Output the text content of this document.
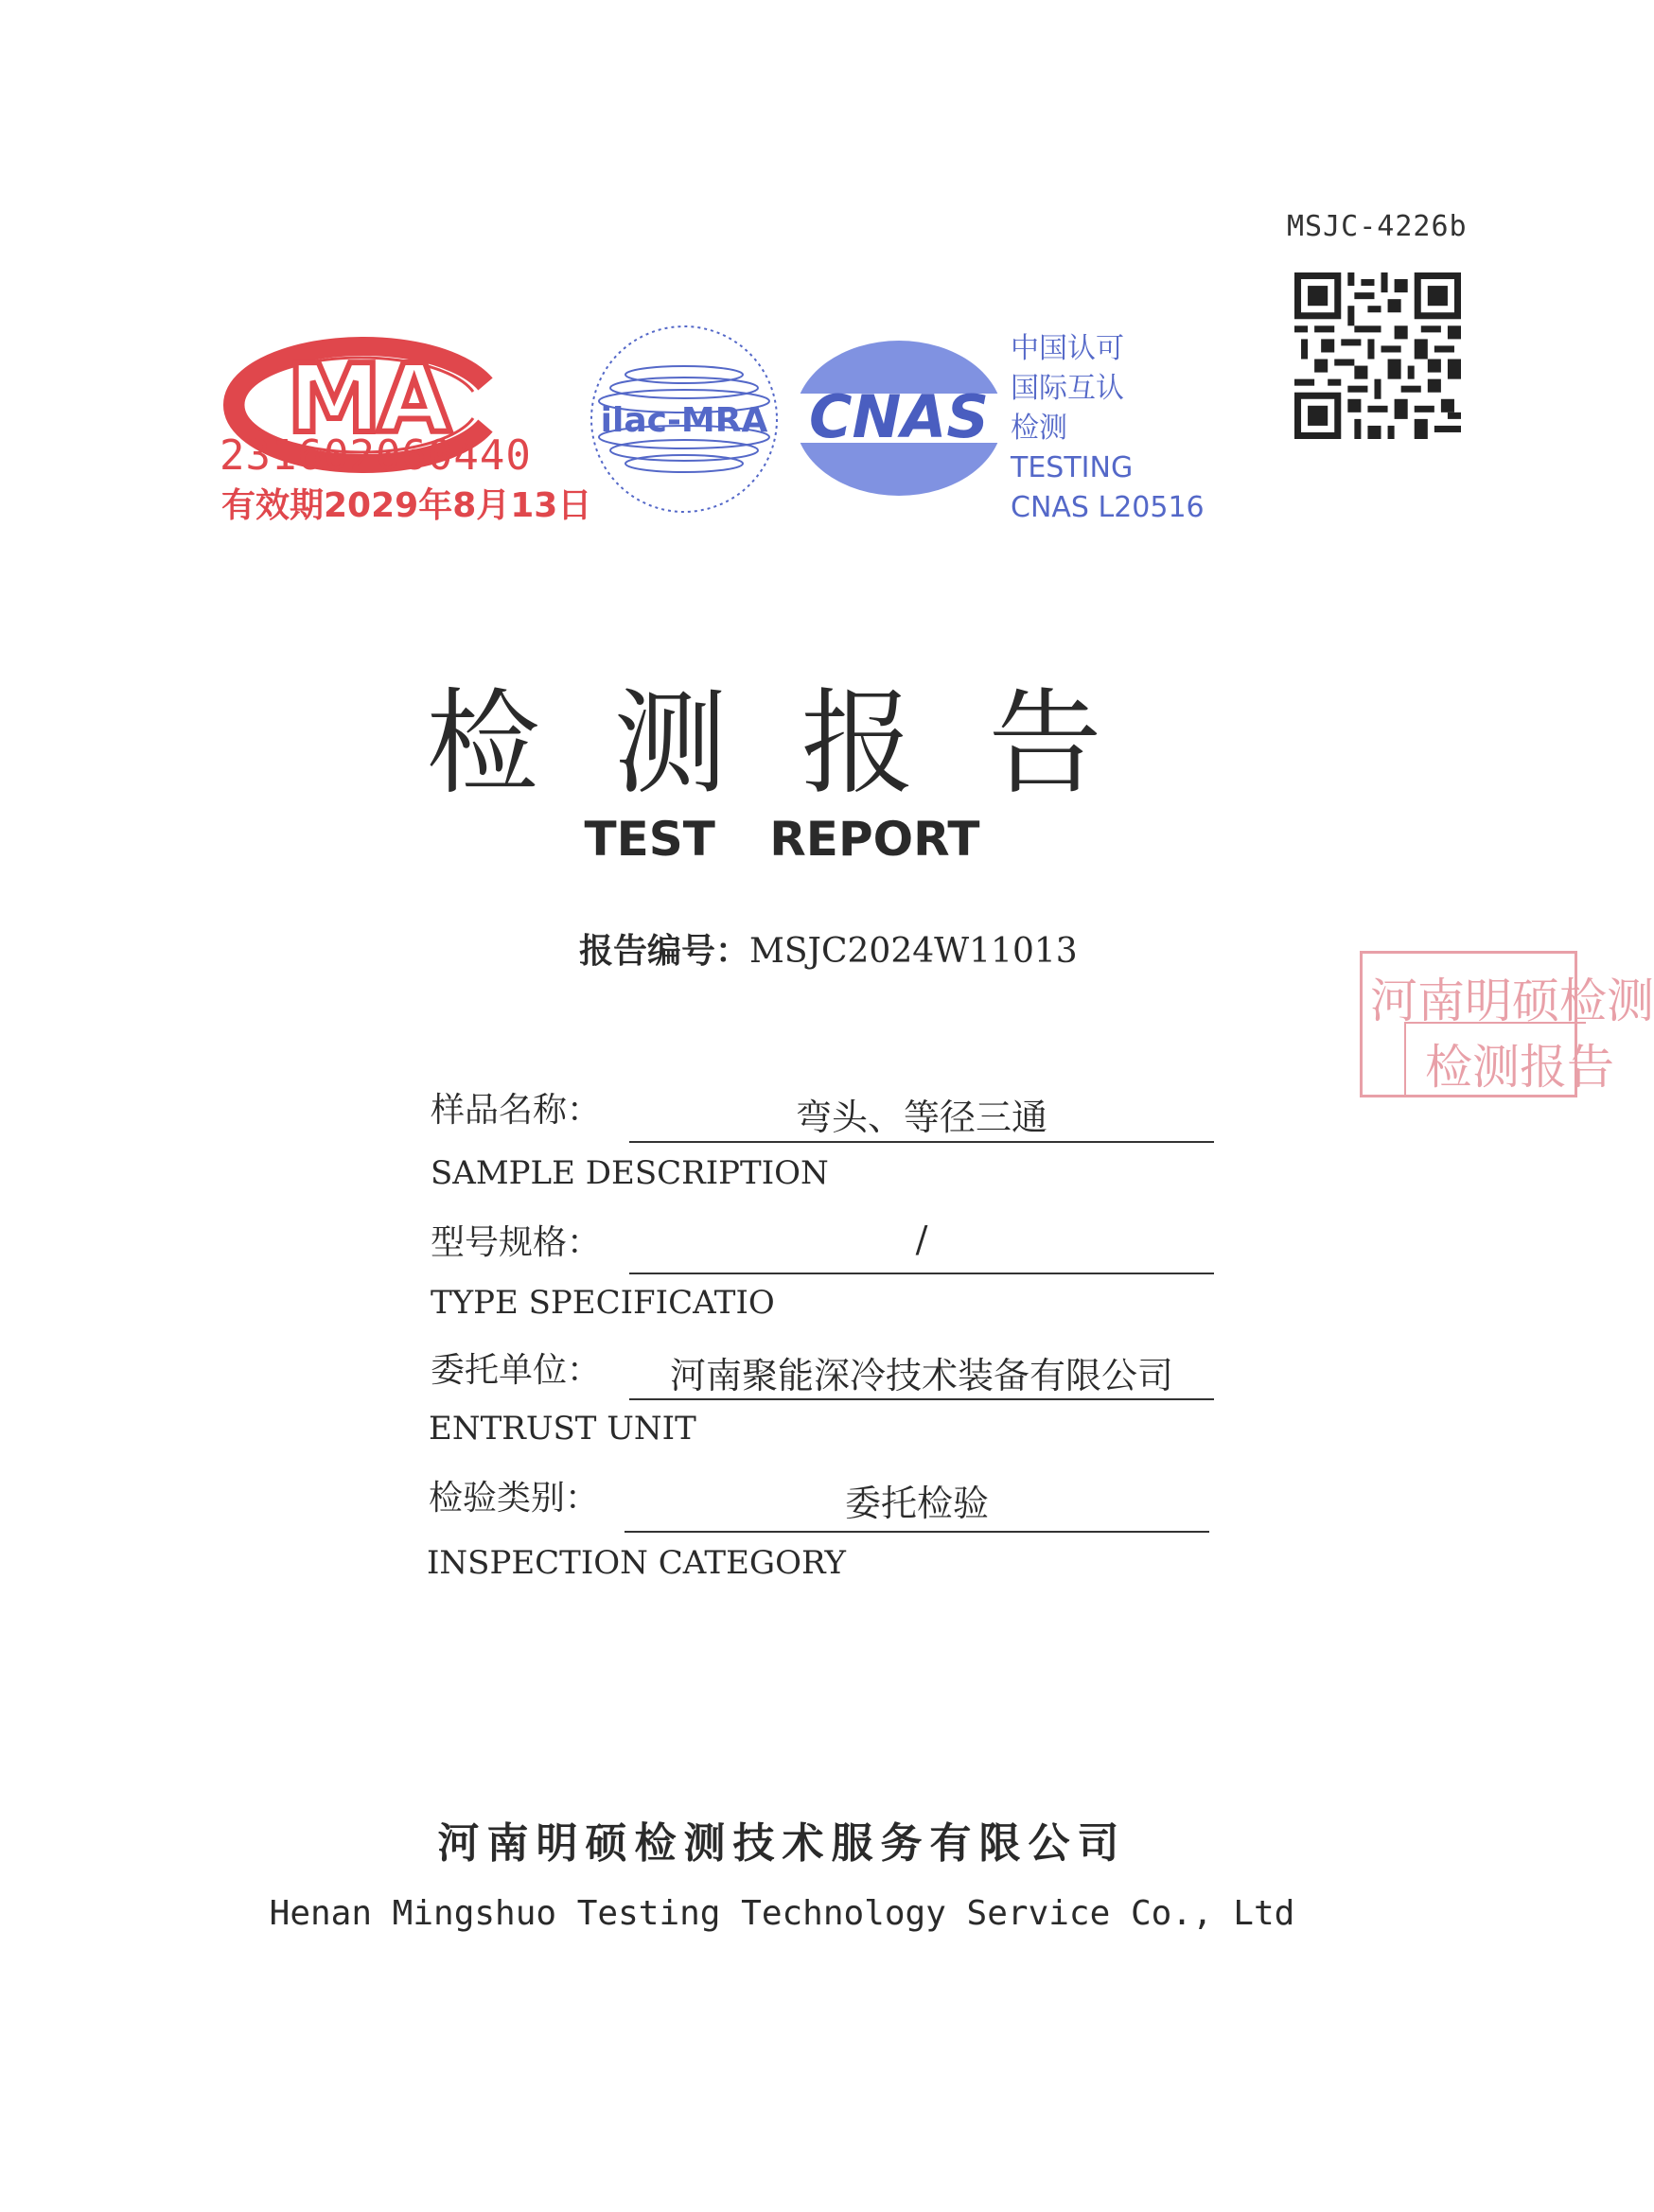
MSJC-4226b
MA
231602060440
有效期2029年8月13日
ilac-MRA CNAS
中国认可
国际互认
检测
TESTING
CNAS L20516
河南明硕检测
检测报告
检测报告
TEST REPORT
报告编号：MSJC2024W11013
样品名称：	弯头、等径三通
SAMPLE DESCRIPTION
型号规格：	/
TYPE SPECIFICATIO
委托单位：	河南聚能深冷技术装备有限公司
ENTRUST UNIT
检验类别：	委托检验
INSPECTION CATEGORY
河南明硕检测技术服务有限公司
Henan Mingshuo Testing Technology Service Co., Ltd
